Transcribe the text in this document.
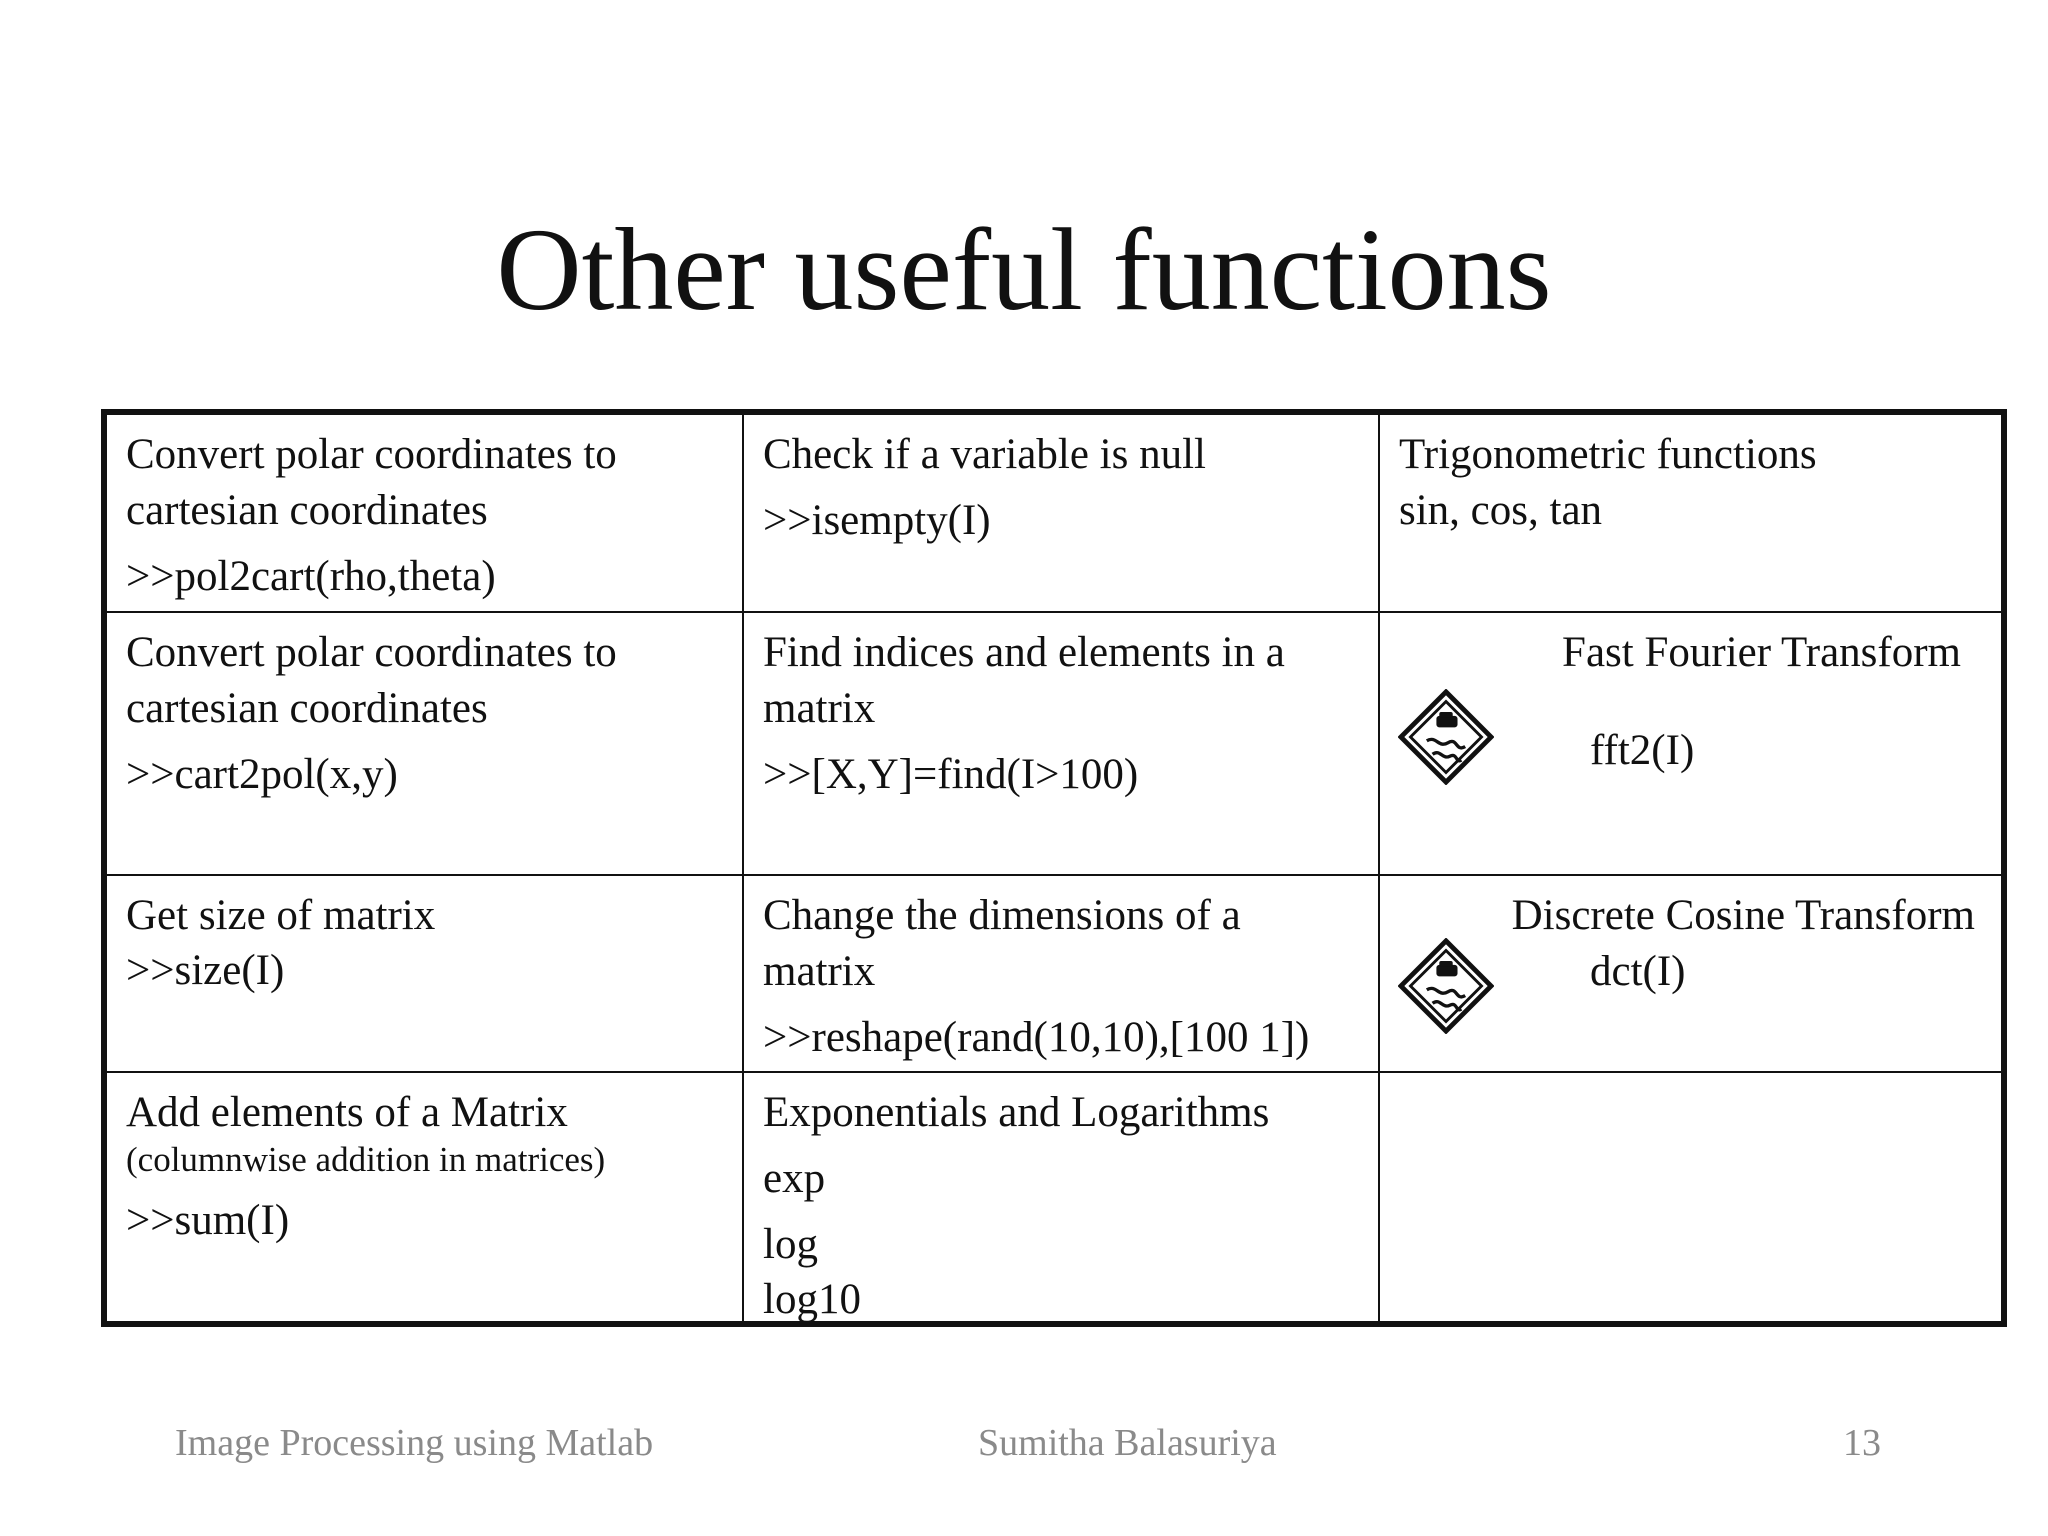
Other useful functions

Convert polar coordinates to
cartesian coordinates

>>pol2cart(rho,theta)

Check if a variable is null

>>isempty(I)

Trigonometric functions
sin, cos, tan

Convert polar coordinates to
cartesian coordinates

>>cart2pol(x,y)

Find indices and elements in a
matrix

>>[X,Y]=find(I>100)

Fast Fourier Transform
fft2(I)

Get size of matrix

>>size(I)

Change the dimensions of a
matrix

>>reshape(rand(10,10),[100 1])

Discrete Cosine Transform
dct(I)

Add elements of a Matrix

(columnwise addition in matrices)

>>sum(I)

Exponentials and Logarithms

exp

log

log10

Image Processing using Matlab	Sumitha Balasuriya	13
